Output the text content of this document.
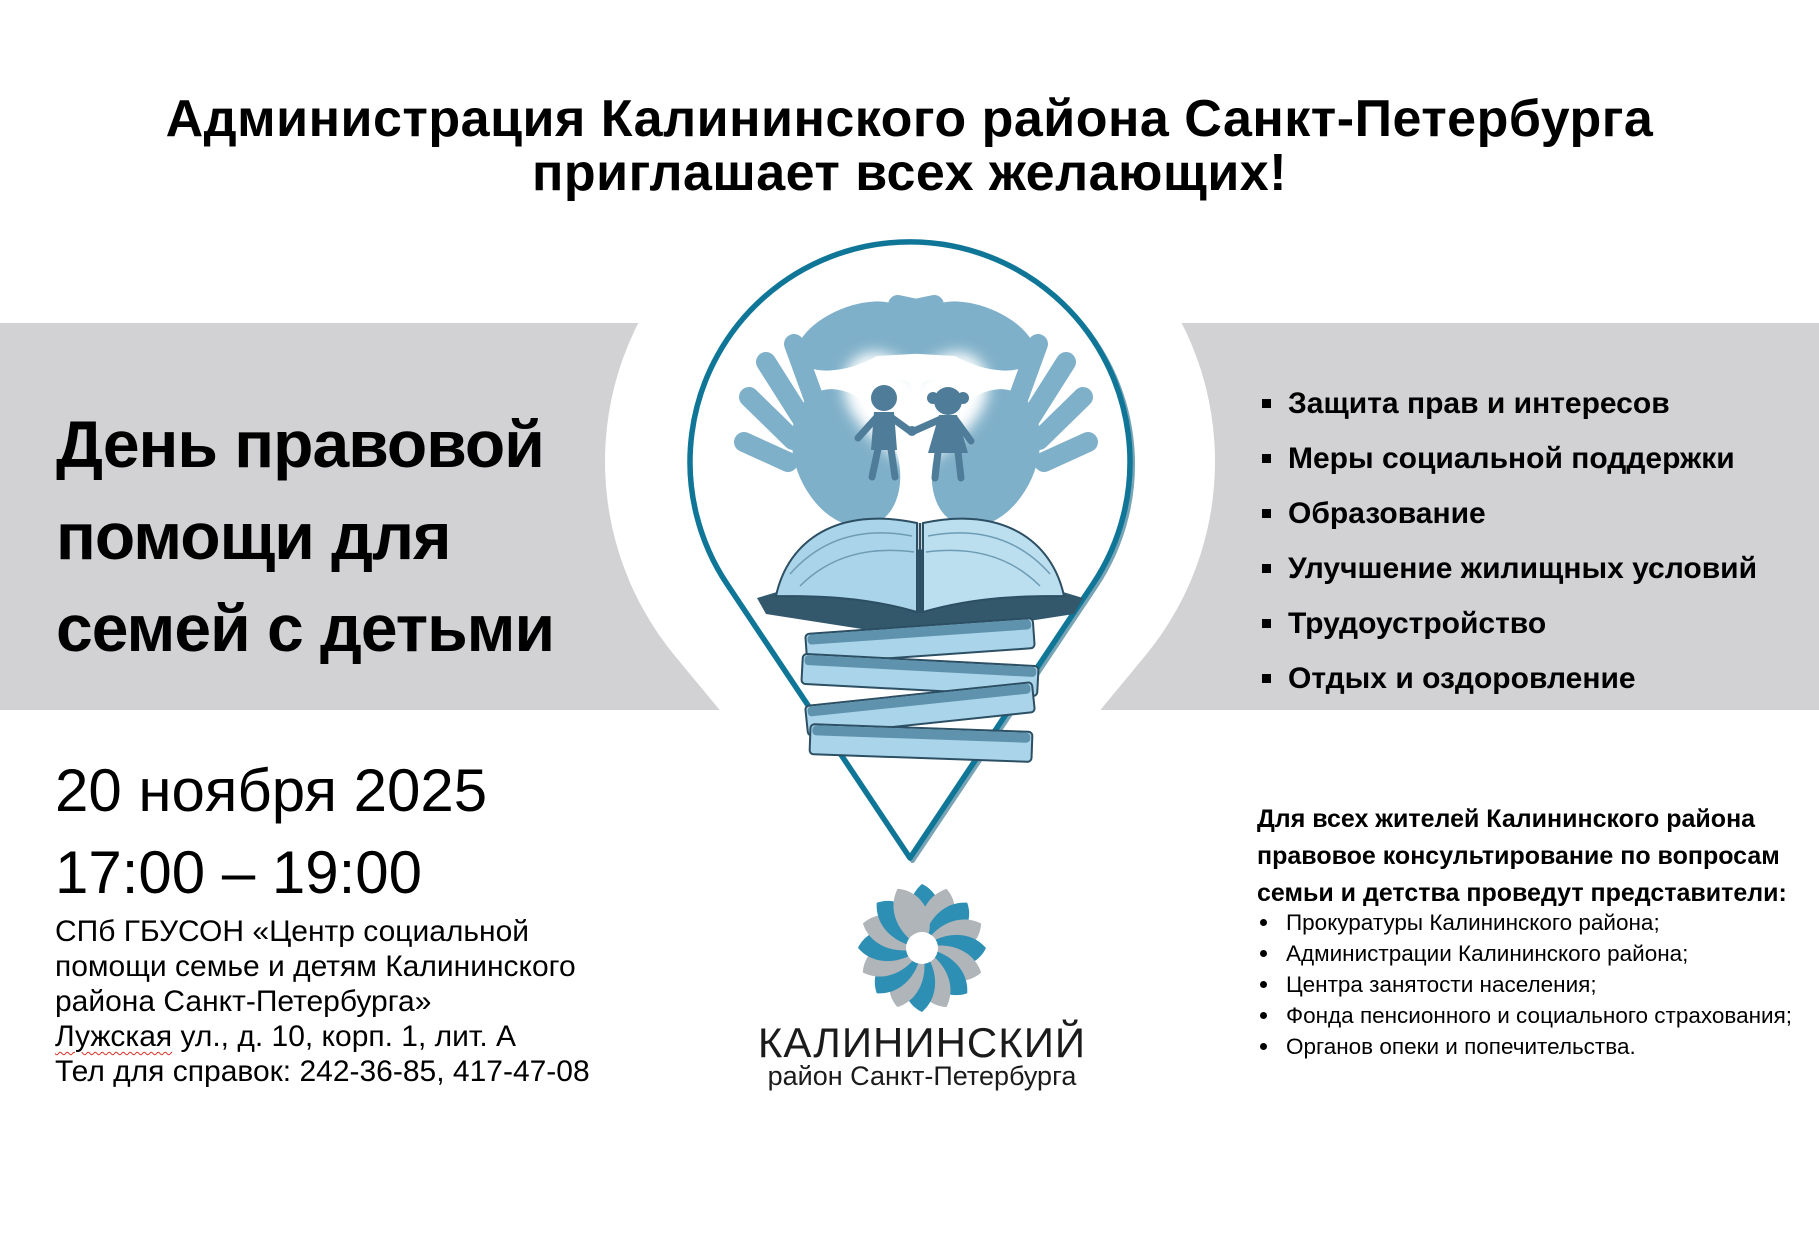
Администрация Калининского района Санкт-Петербурга
приглашает всех желающих!
День правовой
помощи для
семей с детьми
20 ноября 2025
17:00 – 19:00
СПб ГБУСОН «Центр социальной
помощи семье и детям Калининского
района Санкт-Петербурга»
Лужская ул., д. 10, корп. 1, лит. А
Тел для справок: 242-36-85, 417-47-08
Защита прав и интересов
Меры социальной поддержки
Образование
Улучшение жилищных условий
Трудоустройство
Отдых и оздоровление
Для всех жителей Калининского района
правовое консультирование по вопросам
семьи и детства проведут представители:
Прокуратуры Калининского района;
Администрации Калининского района;
Центра занятости населения;
Фонда пенсионного и социального страхования;
Органов опеки и попечительства.
КАЛИНИНСКИЙ
район Санкт-Петербурга
